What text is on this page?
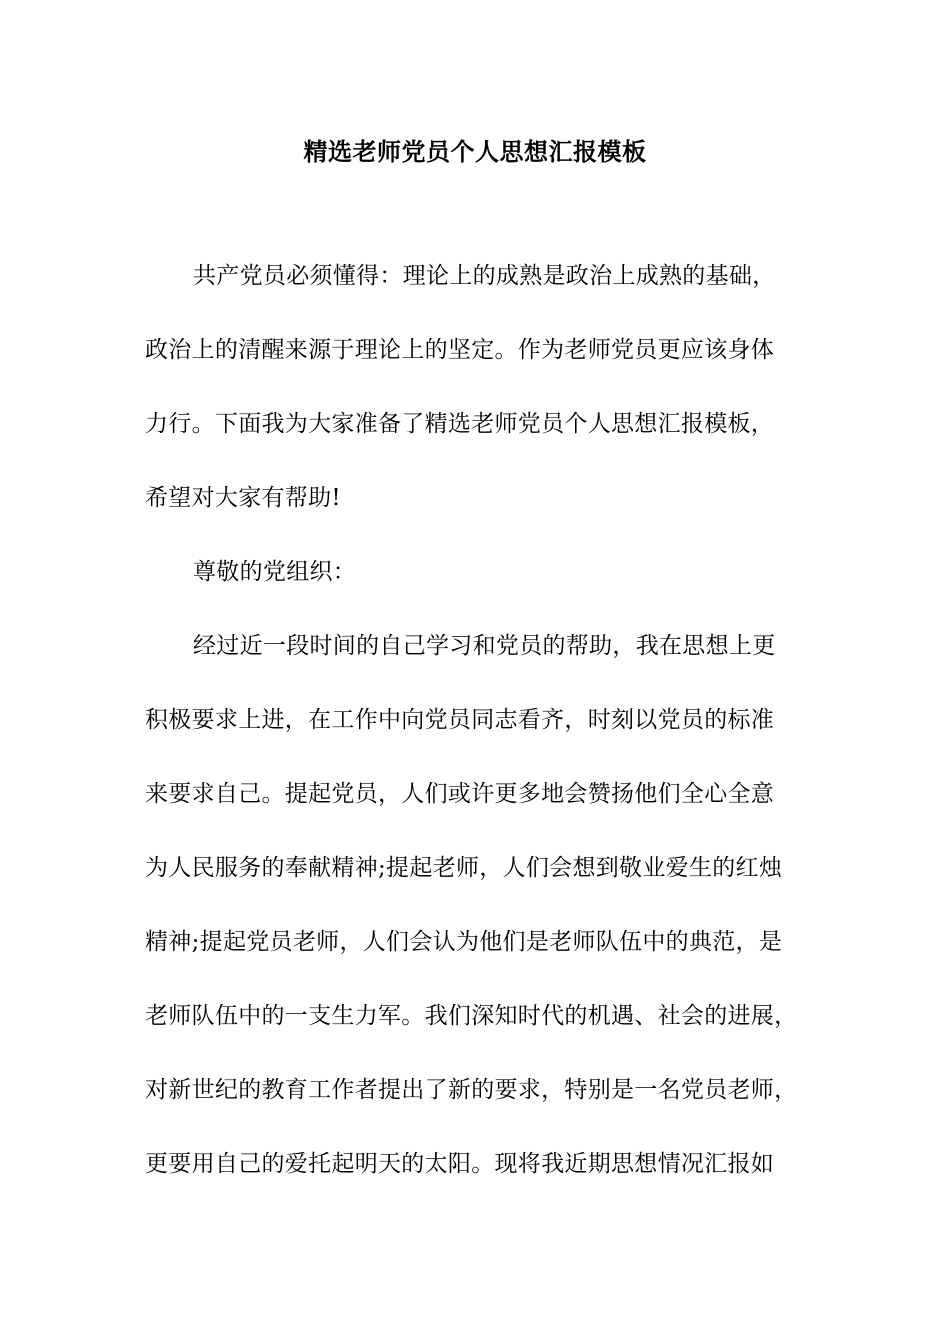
精选老师党员个人思想汇报模板
共产党员必须懂得：理论上的成熟是政治上成熟的基础，
政治上的清醒来源于理论上的坚定。作为老师党员更应该身体
力行。下面我为大家准备了精选老师党员个人思想汇报模板，
希望对大家有帮助!
尊敬的党组织：
经过近一段时间的自己学习和党员的帮助，我在思想上更
积极要求上进，在工作中向党员同志看齐，时刻以党员的标准
来要求自己。提起党员，人们或许更多地会赞扬他们全心全意
为人民服务的奉献精神;提起老师，人们会想到敬业爱生的红烛
精神;提起党员老师，人们会认为他们是老师队伍中的典范，是
老师队伍中的一支生力军。我们深知时代的机遇、社会的进展，
对新世纪的教育工作者提出了新的要求，特别是一名党员老师，
更要用自己的爱托起明天的太阳。现将我近期思想情况汇报如
